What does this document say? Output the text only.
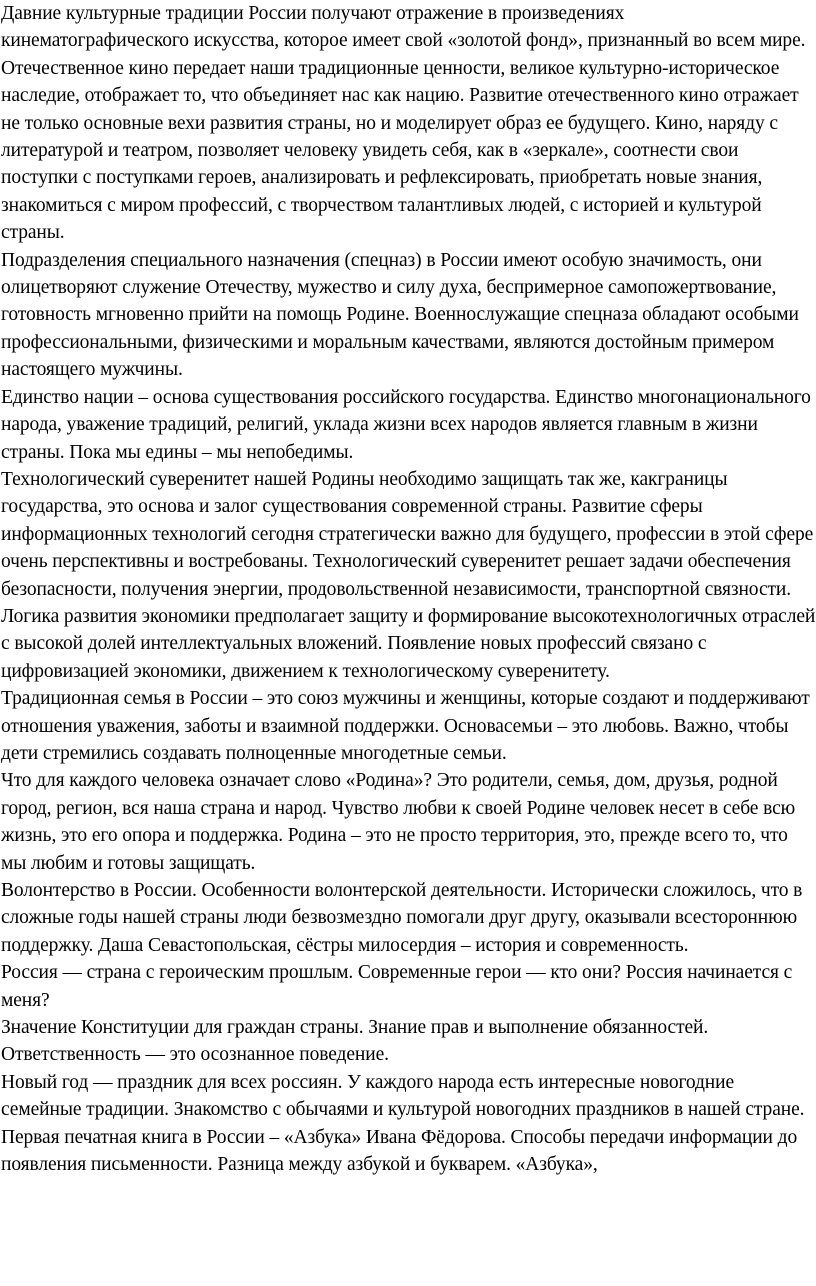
Давние культурные традиции России получают отражение в произведениях кинематографического искусства, которое имеет свой «золотой фонд», признанный во всем мире. Отечественное кино передает наши традиционные ценности, великое культурно-историческое наследие, отображает то, что объединяет нас как нацию. Развитие отечественного кино отражает не только основные вехи развития страны, но и моделирует образ ее будущего. Кино, наряду с литературой и театром, позволяет человеку увидеть себя, как в «зеркале», соотнести свои поступки с поступками героев, анализировать и рефлексировать, приобретать новые знания, знакомиться с миром профессий, с творчеством талантливых людей, с историей и культурой страны.

Подразделения специального назначения (спецназ) в России имеют особую значимость, они олицетворяют служение Отечеству, мужество и силу духа, беспримерное самопожертвование, готовность мгновенно прийти на помощь Родине. Военнослужащие спецназа обладают особыми профессиональными, физическими и моральным качествами, являются достойным примером настоящего мужчины.

Единство нации – основа существования российского государства. Единство многонационального народа, уважение традиций, религий, уклада жизни всех народов является главным в жизни страны. Пока мы едины – мы непобедимы.

Технологический суверенитет нашей Родины необходимо защищать так же, какграницы государства, это основа и залог существования современной страны. Развитие сферы информационных технологий сегодня стратегически важно для будущего, профессии в этой сфере очень перспективны и востребованы. Технологический суверенитет решает задачи обеспечения безопасности, получения энергии, продовольственной независимости, транспортной связности. Логика развития экономики предполагает защиту и формирование высокотехнологичных отраслей с высокой долей интеллектуальных вложений. Появление новых профессий связано с цифровизацией экономики, движением к технологическому суверенитету.

Традиционная семья в России – это союз мужчины и женщины, которые создают и поддерживают отношения уважения, заботы и взаимной поддержки. Основасемьи – это любовь. Важно, чтобы дети стремились создавать полноценные многодетные семьи.

Что для каждого человека означает слово «Родина»? Это родители, семья, дом, друзья, родной город, регион, вся наша страна и народ. Чувство любви к своей Родине человек несет в себе всю жизнь, это его опора и поддержка. Родина – это не просто территория, это, прежде всего то, что мы любим и готовы защищать.

Волонтерство в России. Особенности волонтерской деятельности. Исторически сложилось, что в сложные годы нашей страны люди безвозмездно помогали друг другу, оказывали всестороннюю поддержку. Даша Севастопольская, сёстры милосердия – история и современность.

Россия — страна с героическим прошлым. Современные герои — кто они? Россия начинается с меня?

Значение Конституции для граждан страны. Знание прав и выполнение обязанностей. Ответственность — это осознанное поведение.

Новый год — праздник для всех россиян. У каждого народа есть интересные новогодние семейные традиции. Знакомство с обычаями и культурой новогодних праздников в нашей стране.

Первая печатная книга в России – «Азбука» Ивана Фёдорова. Способы передачи информации до появления письменности. Разница между азбукой и букварем. «Азбука»,
